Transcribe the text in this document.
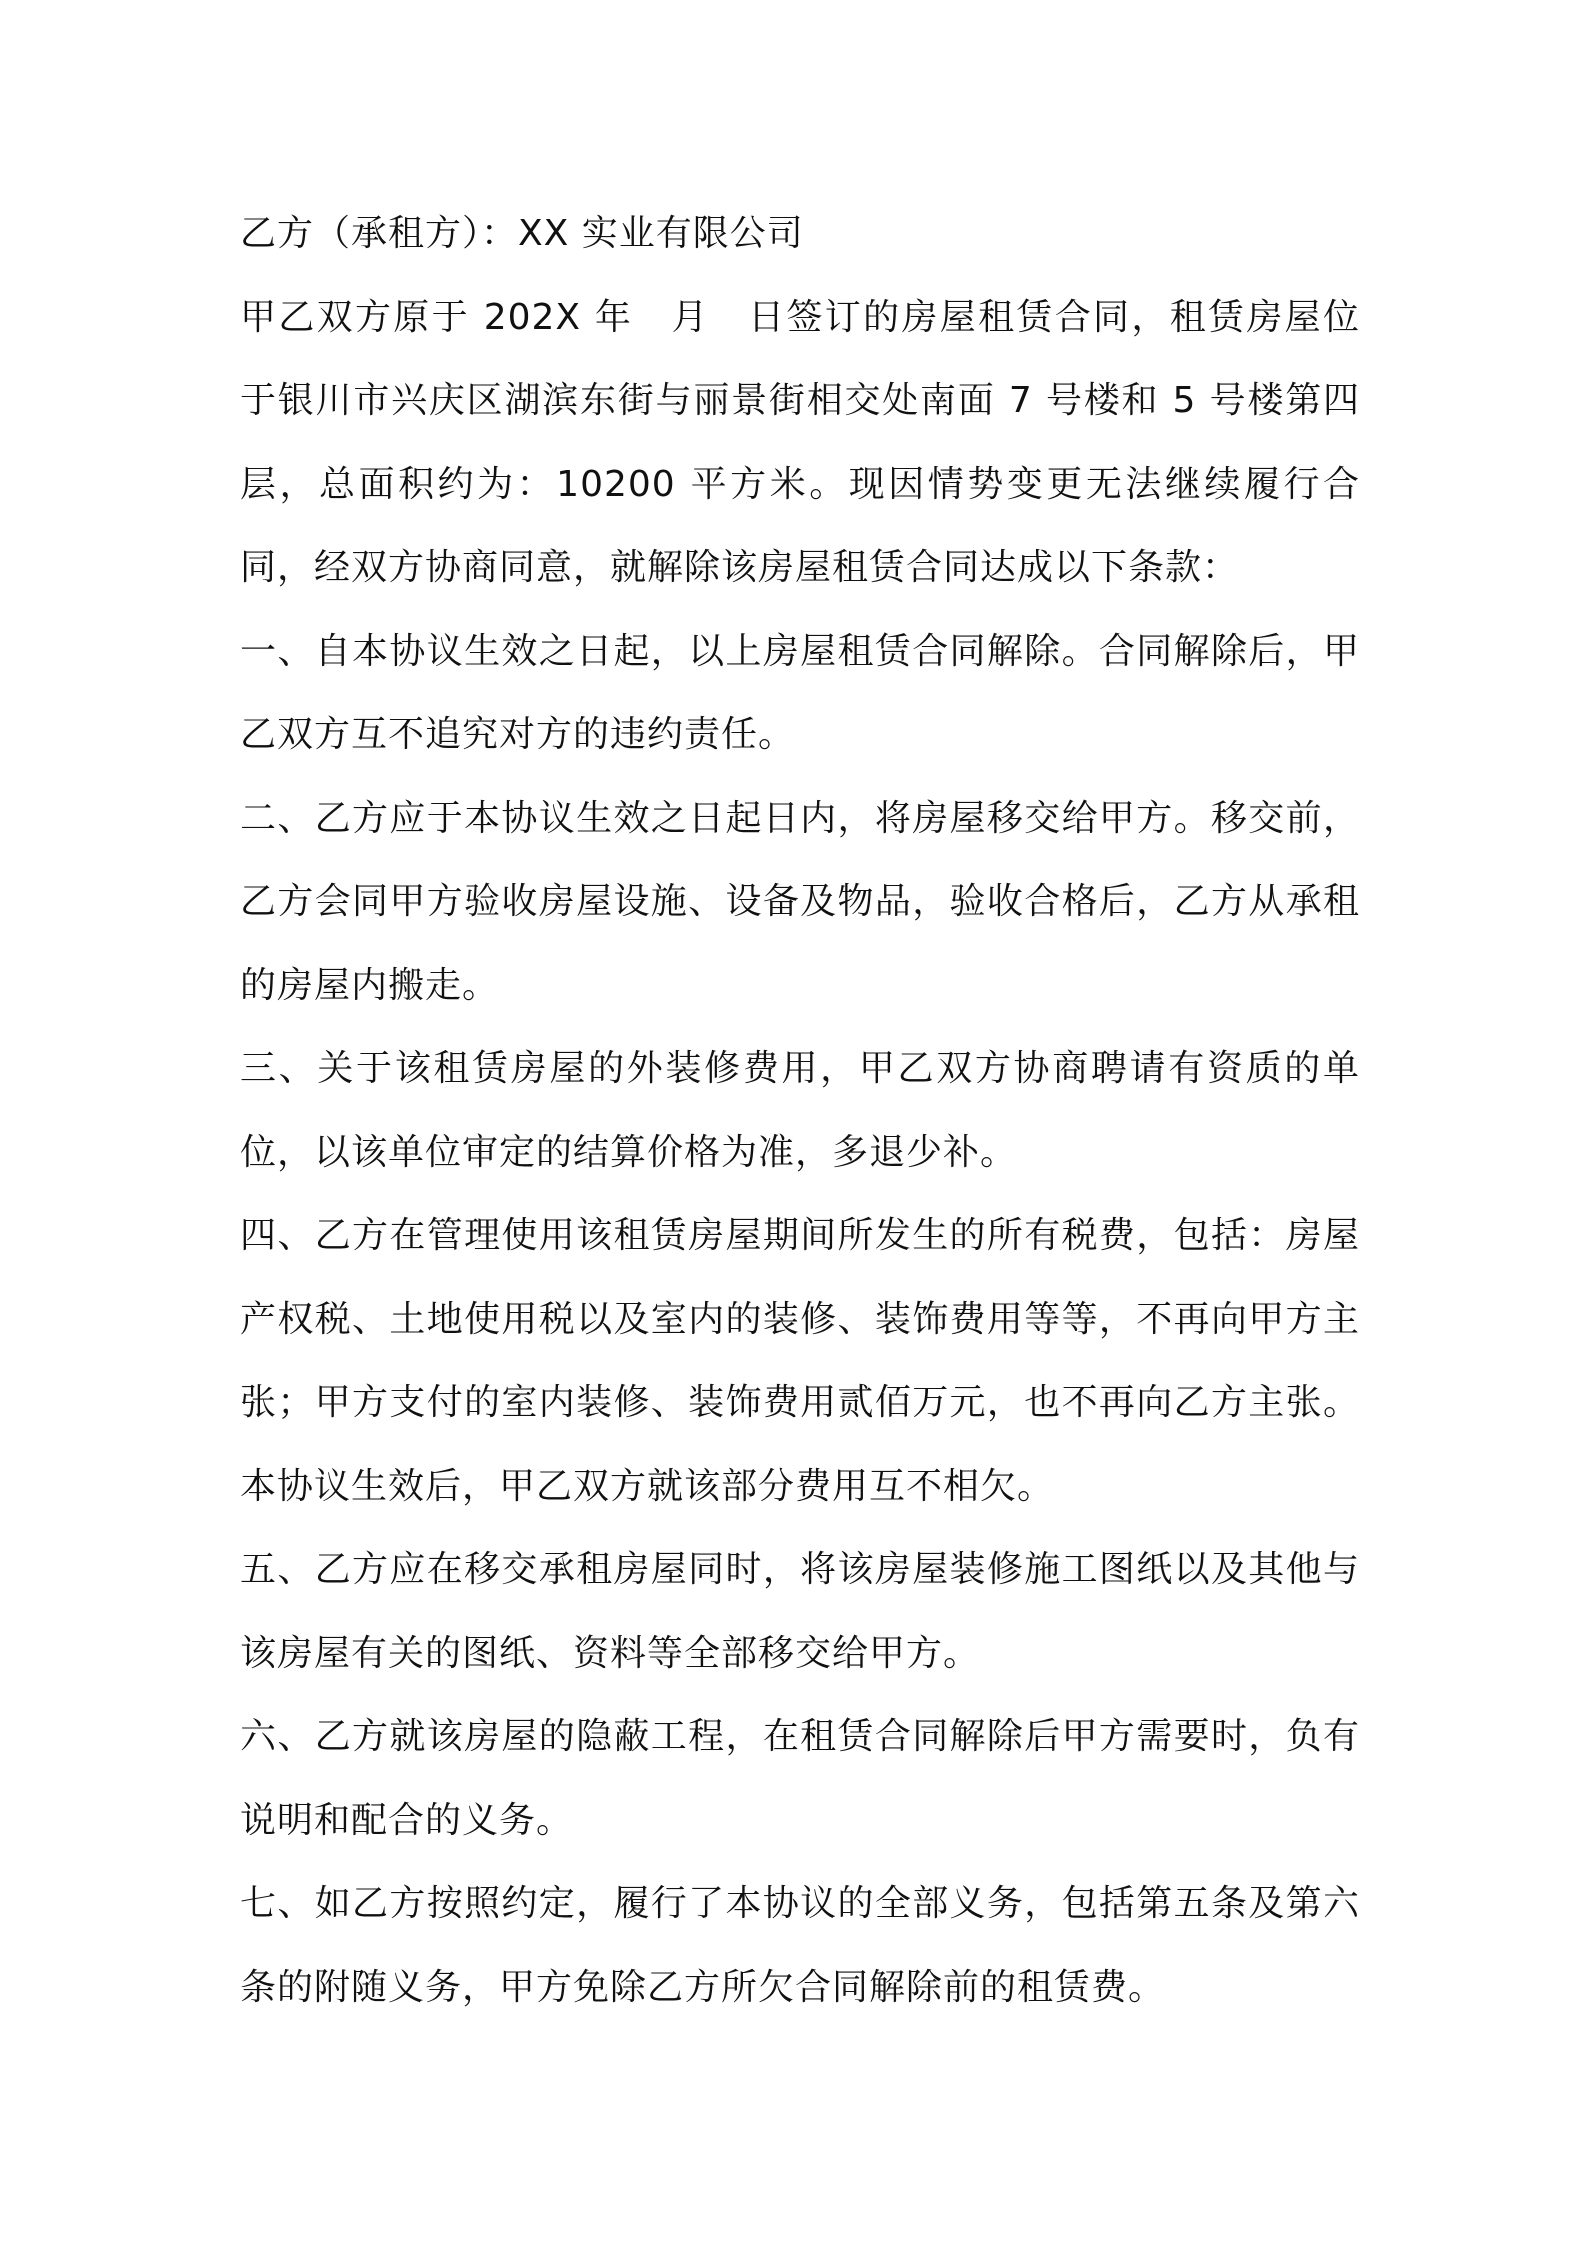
乙方（承租方）：XX 实业有限公司

甲乙双方原于 202X 年　月　日签订的房屋租赁合同，租赁房屋位于银川市兴庆区湖滨东街与丽景街相交处南面 7 号楼和 5 号楼第四层，总面积约为：10200 平方米。现因情势变更无法继续履行合同，经双方协商同意，就解除该房屋租赁合同达成以下条款：

一、自本协议生效之日起，以上房屋租赁合同解除。合同解除后，甲乙双方互不追究对方的违约责任。

二、乙方应于本协议生效之日起日内，将房屋移交给甲方。移交前，乙方会同甲方验收房屋设施、设备及物品，验收合格后，乙方从承租的房屋内搬走。

三、关于该租赁房屋的外装修费用，甲乙双方协商聘请有资质的单位，以该单位审定的结算价格为准，多退少补。

四、乙方在管理使用该租赁房屋期间所发生的所有税费，包括：房屋产权税、土地使用税以及室内的装修、装饰费用等等，不再向甲方主张；甲方支付的室内装修、装饰费用贰佰万元，也不再向乙方主张。本协议生效后，甲乙双方就该部分费用互不相欠。

五、乙方应在移交承租房屋同时，将该房屋装修施工图纸以及其他与该房屋有关的图纸、资料等全部移交给甲方。

六、乙方就该房屋的隐蔽工程，在租赁合同解除后甲方需要时，负有说明和配合的义务。

七、如乙方按照约定，履行了本协议的全部义务，包括第五条及第六条的附随义务，甲方免除乙方所欠合同解除前的租赁费。
